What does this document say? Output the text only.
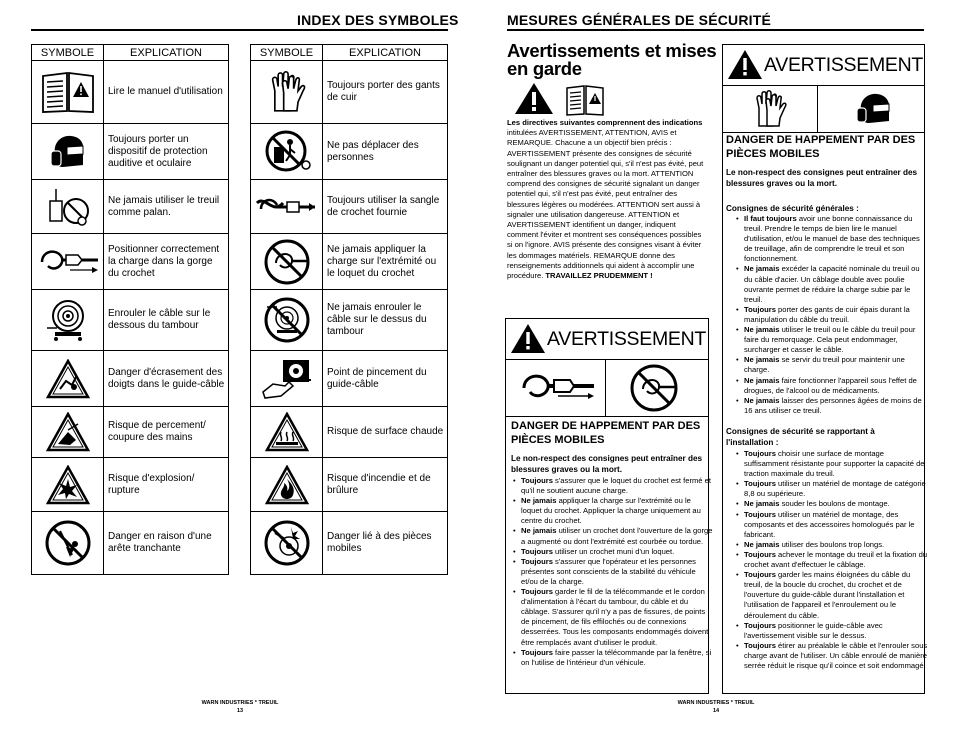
INDEX DES SYMBOLES
SYMBOLE	EXPLICATION

	Lire le manuel d'utilisation

	Toujours porter un dispositif de protection auditive et oculaire

	Ne jamais utiliser le treuil comme palan.

	Positionner correctement la charge dans la gorge du crochet

	Enrouler le câble sur le dessous du tambour

	Danger d'écrasement des doigts dans le guide-câble

	Risque de percement/ coupure des mains

	Risque d'explosion/ rupture

	Danger en raison d'une arête tranchante
SYMBOLE	EXPLICATION

	Toujours porter des gants de cuir

	Ne pas déplacer des personnes

	Toujours utiliser la sangle de crochet fournie

	Ne jamais appliquer la charge sur l'extrémité ou le loquet du crochet

	Ne jamais enrouler le câble sur le dessus du tambour

	Point de pincement du guide-câble

	Risque de surface chaude

	Risque d'incendie et de brûlure

	Danger lié à des pièces mobiles
WARN INDUSTRIES * TREUIL
13
MESURES GÉNÉRALES DE SÉCURITÉ
Avertissements et mises
en garde
Les directives suivantes comprennent des indications intitulées AVERTISSEMENT, ATTENTION, AVIS et REMARQUE. Chacune a un objectif bien précis : AVERTISSEMENT présente des consignes de sécurité soulignant un danger potentiel qui, s'il n'est pas évité, peut entraîner des blessures graves ou la mort. ATTENTION comprend des consignes de sécurité signalant un danger potentiel qui, s'il n'est pas évité, peut entraîner des blessures légères ou modérées. ATTENTION sert aussi à signaler une utilisation dangereuse. ATTENTION et AVERTISSEMENT identifient un danger, indiquent comment l'éviter et montrent ses conséquences possibles si on l'ignore. AVIS présente des consignes visant à éviter les dommages matériels. REMARQUE donne des renseignements additionnels qui aident à accomplir une procédure. TRAVAILLEZ PRUDEMMENT !
AVERTISSEMENT
DANGER DE HAPPEMENT PAR DES PIÈCES MOBILES
Le non-respect des consignes peut entraîner des blessures graves ou la mort.
• Toujours s'assurer que le loquet du crochet est fermé et qu'il ne soutient aucune charge.
• Ne jamais appliquer la charge sur l'extrémité ou le loquet du crochet. Appliquer la charge uniquement au centre du crochet.
• Ne jamais utiliser un crochet dont l'ouverture de la gorge a augmenté ou dont l'extrémité est courbée ou tordue.
• Toujours utiliser un crochet muni d'un loquet.
• Toujours s'assurer que l'opérateur et les personnes présentes sont conscients de la stabilité du véhicule et/ou de la charge.
• Toujours garder le fil de la télécommande et le cordon d'alimentation à l'écart du tambour, du câble et du câblage. S'assurer qu'il n'y a pas de fissures, de points de pincement, de fils effilochés ou de connexions desserrées. Tous les composants endommagés doivent être remplacés avant d'utiliser le produit.
• Toujours faire passer la télécommande par la fenêtre, si on l'utilise de l'intérieur d'un véhicule.
AVERTISSEMENT
DANGER DE HAPPEMENT PAR DES PIÈCES MOBILES
Le non-respect des consignes peut entraîner des blessures graves ou la mort.
Consignes de sécurité générales :
• Il faut toujours avoir une bonne connaissance du treuil. Prendre le temps de bien lire le manuel d'utilisation, et/ou le manuel de base des techniques de treuillage, afin de comprendre le treuil et son fonctionnement.
• Ne jamais excéder la capacité nominale du treuil ou du câble d'acier. Un câblage double avec poulie ouvrante permet de réduire la charge subie par le treuil.
• Toujours porter des gants de cuir épais durant la manipulation du câble du treuil.
• Ne jamais utiliser le treuil ou le câble du treuil pour faire du remorquage. Cela peut endommager, surcharger et casser le câble.
• Ne jamais se servir du treuil pour maintenir une charge.
• Ne jamais faire fonctionner l'appareil sous l'effet de drogues, de l'alcool ou de médicaments.
• Ne jamais laisser des personnes âgées de moins de 16 ans utiliser ce treuil.
Consignes de sécurité se rapportant à l'installation :
• Toujours choisir une surface de montage suffisamment résistante pour supporter la capacité de traction maximale du treuil.
• Toujours utiliser un matériel de montage de catégorie 8,8 ou supérieure.
• Ne jamais souder les boulons de montage.
• Toujours utiliser un matériel de montage, des composants et des accessoires homologués par le fabricant.
• Ne jamais utiliser des boulons trop longs.
• Toujours achever le montage du treuil et la fixation du crochet avant d'effectuer le câblage.
• Toujours garder les mains éloignées du câble du treuil, de la boucle du crochet, du crochet et de l'ouverture du guide-câble durant l'installation et l'utilisation de l'appareil et l'enroulement ou le déroulement du câble.
• Toujours positionner le guide-câble avec l'avertissement visible sur le dessus.
• Toujours étirer au préalable le câble et l'enrouler sous charge avant de l'utiliser. Un câble enroulé de manière serrée réduit le risque qu'il coince et soit endommagé.
WARN INDUSTRIES * TREUIL
14
